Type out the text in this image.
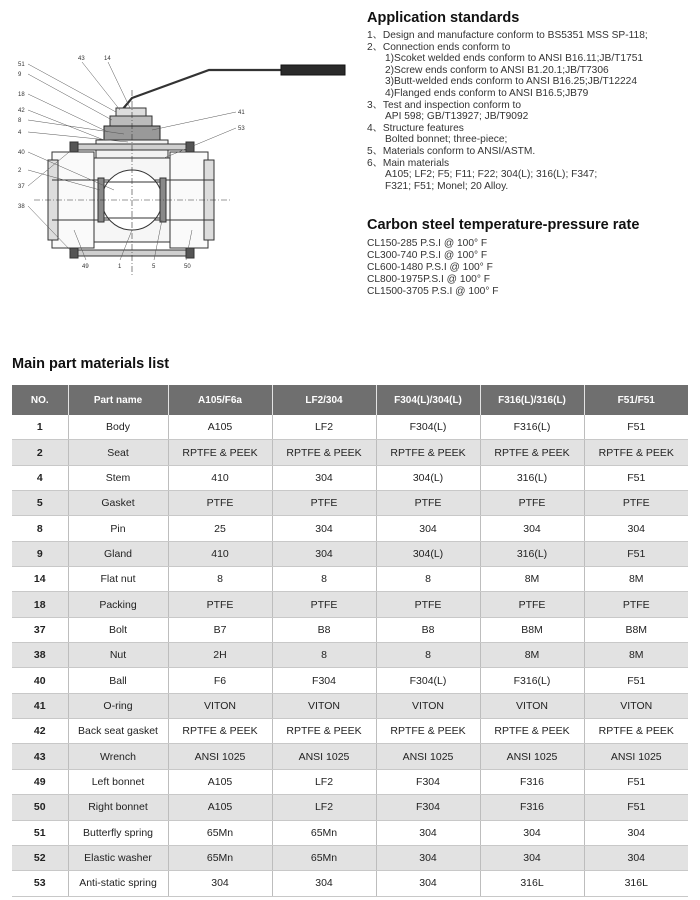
51
9
18
42
8
4
40
2
37
38
43	14
41
53
49	1	5	50
Application standards
1、Design and manufacture conform to BS5351 MSS SP-118;
2、Connection ends conform to
1)Scoket welded ends conform to ANSI B16.11;JB/T1751
2)Screw ends conform to ANSI B1.20.1;JB/T7306
3)Butt-welded ends conform to ANSI B16.25;JB/T12224
4)Flanged ends conform to ANSI B16.5;JB79
3、Test and inspection conform to
API 598; GB/T13927; JB/T9092
4、Structure features
Bolted bonnet; three-piece;
5、Materials conform to ANSI/ASTM.
6、Main materials
A105; LF2; F5; F11; F22; 304(L); 316(L); F347;
F321; F51; Monel; 20 Alloy.
Carbon steel temperature-pressure rate
CL150-285 P.S.I @ 100° F
CL300-740 P.S.I @ 100° F
CL600-1480 P.S.I @ 100° F
CL800-1975P.S.I @ 100° F
CL1500-3705 P.S.I @ 100° F
Main part materials list
NO.	Part name	A105/F6a	LF2/304	F304(L)/304(L)	F316(L)/316(L)	F51/F51
1	Body	A105	LF2	F304(L)	F316(L)	F51
2	Seat	RPTFE & PEEK	RPTFE & PEEK	RPTFE & PEEK	RPTFE & PEEK	RPTFE & PEEK
4	Stem	410	304	304(L)	316(L)	F51
5	Gasket	PTFE	PTFE	PTFE	PTFE	PTFE
8	Pin	25	304	304	304	304
9	Gland	410	304	304(L)	316(L)	F51
14	Flat nut	8	8	8	8M	8M
18	Packing	PTFE	PTFE	PTFE	PTFE	PTFE
37	Bolt	B7	B8	B8	B8M	B8M
38	Nut	2H	8	8	8M	8M
40	Ball	F6	F304	F304(L)	F316(L)	F51
41	O-ring	VITON	VITON	VITON	VITON	VITON
42	Back seat gasket	RPTFE & PEEK	RPTFE & PEEK	RPTFE & PEEK	RPTFE & PEEK	RPTFE & PEEK
43	Wrench	ANSI 1025	ANSI 1025	ANSI 1025	ANSI 1025	ANSI 1025
49	Left bonnet	A105	LF2	F304	F316	F51
50	Right bonnet	A105	LF2	F304	F316	F51
51	Butterfly spring	65Mn	65Mn	304	304	304
52	Elastic washer	65Mn	65Mn	304	304	304
53	Anti-static spring	304	304	304	316L	316L
